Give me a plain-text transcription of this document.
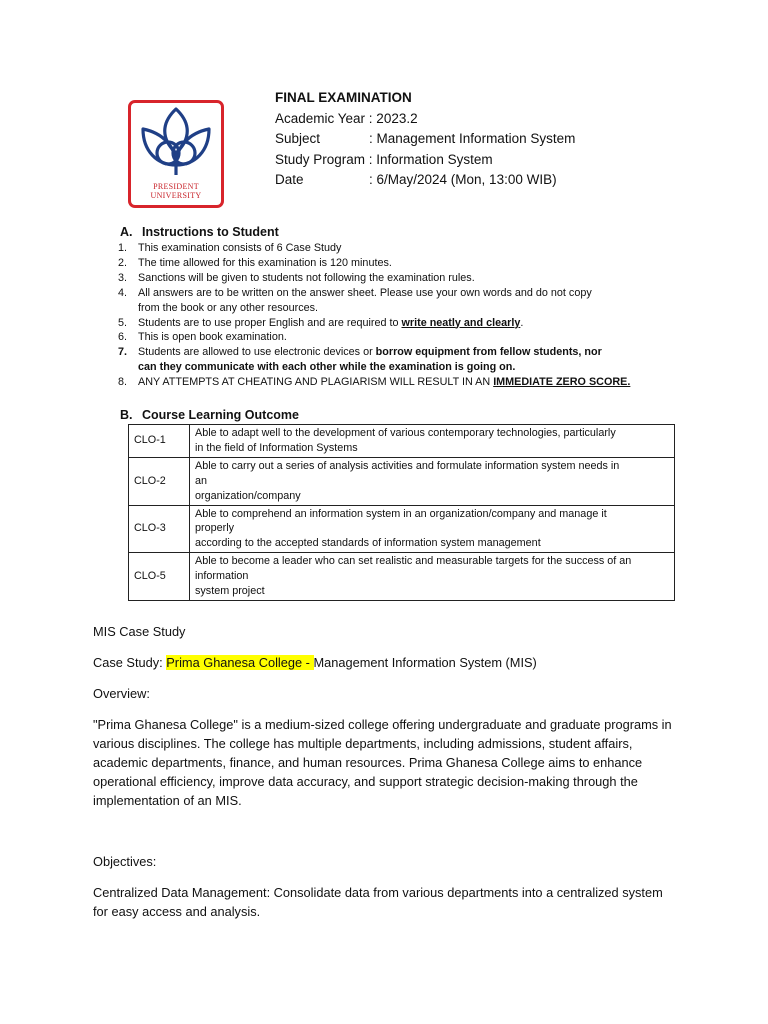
PRESIDENT
UNIVERSITY
FINAL EXAMINATION
Academic Year : 2023.2
Subject	: Management Information System
Study Program : Information System
Date	: 6/May/2024 (Mon, 13:00 WIB)
A. Instructions to Student
1. This examination consists of 6 Case Study
2. The time allowed for this examination is 120 minutes.
3. Sanctions will be given to students not following the examination rules.
4. All answers are to be written on the answer sheet. Please use your own words and do not copy
from the book or any other resources.
5. Students are to use proper English and are required to write neatly and clearly.
6. This is open book examination.
7. Students are allowed to use electronic devices or borrow equipment from fellow students, nor
can they communicate with each other while the examination is going on.
8. ANY ATTEMPTS AT CHEATING AND PLAGIARISM WILL RESULT IN AN IMMEDIATE ZERO SCORE.
B. Course Learning Outcome
CLO-1	Able to adapt well to the development of various contemporary technologies, particularly
in the field of Information Systems
CLO-2	Able to carry out a series of analysis activities and formulate information system needs in
an
organization/company
CLO-3	Able to comprehend an information system in an organization/company and manage it
properly
according to the accepted standards of information system management
CLO-5	Able to become a leader who can set realistic and measurable targets for the success of an
information
system project
MIS Case Study
Case Study: Prima Ghanesa College - Management Information System (MIS)
Overview:
"Prima Ghanesa College" is a medium-sized college offering undergraduate and graduate programs in
various disciplines. The college has multiple departments, including admissions, student affairs,
academic departments, finance, and human resources. Prima Ghanesa College aims to enhance
operational efficiency, improve data accuracy, and support strategic decision-making through the
implementation of an MIS.
Objectives:
Centralized Data Management: Consolidate data from various departments into a centralized system
for easy access and analysis.
